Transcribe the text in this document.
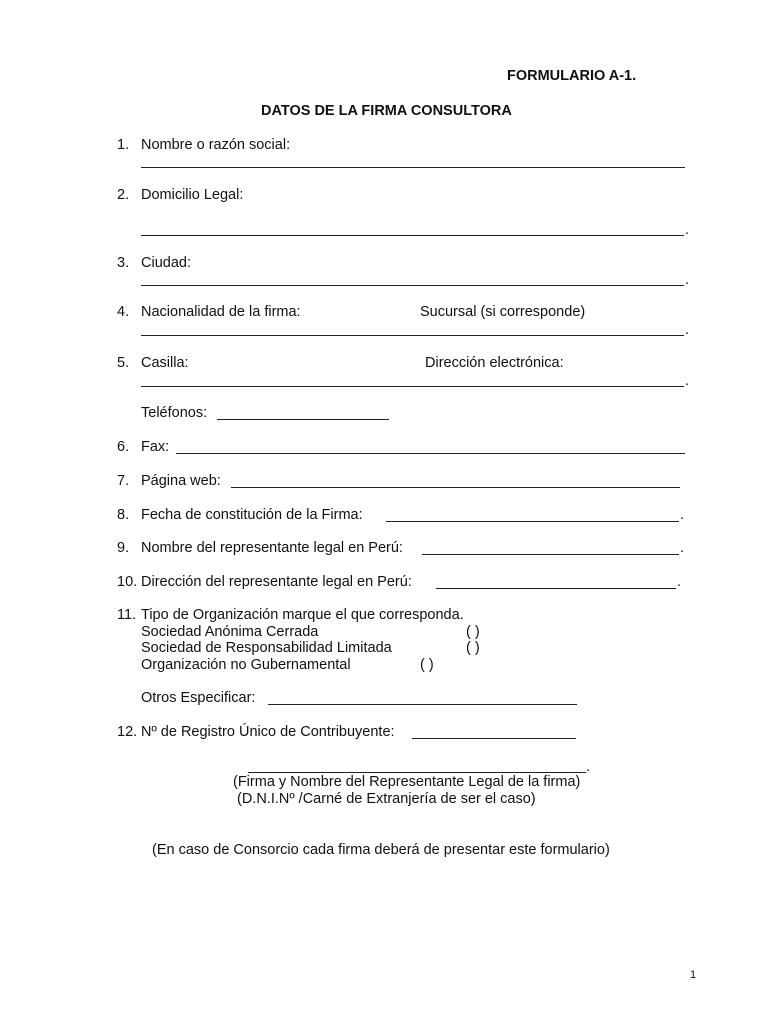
FORMULARIO A-1.
DATOS DE LA FIRMA CONSULTORA
1. Nombre o razón social:
2. Domicilio Legal:
.
3. Ciudad:
.
4. Nacionalidad de la firma:	Sucursal (si corresponde)
.
5. Casilla:	Dirección electrónica:
.
Teléfonos:
6. Fax:
7. Página web:
8. Fecha de constitución de la Firma:	.
9. Nombre del representante legal en Perú:	.
10. Dirección del representante legal en Perú:	.
11. Tipo de Organización marque el que corresponda.
Sociedad Anónima Cerrada	( )
Sociedad de Responsabilidad Limitada	( )
Organización no Gubernamental	( )
Otros Especificar:
12. Nº de Registro Único de Contribuyente:
.
(Firma y Nombre del Representante Legal de la firma)
(D.N.I.Nº /Carné de Extranjería de ser el caso)
(En caso de Consorcio cada firma deberá de presentar este formulario)
1
